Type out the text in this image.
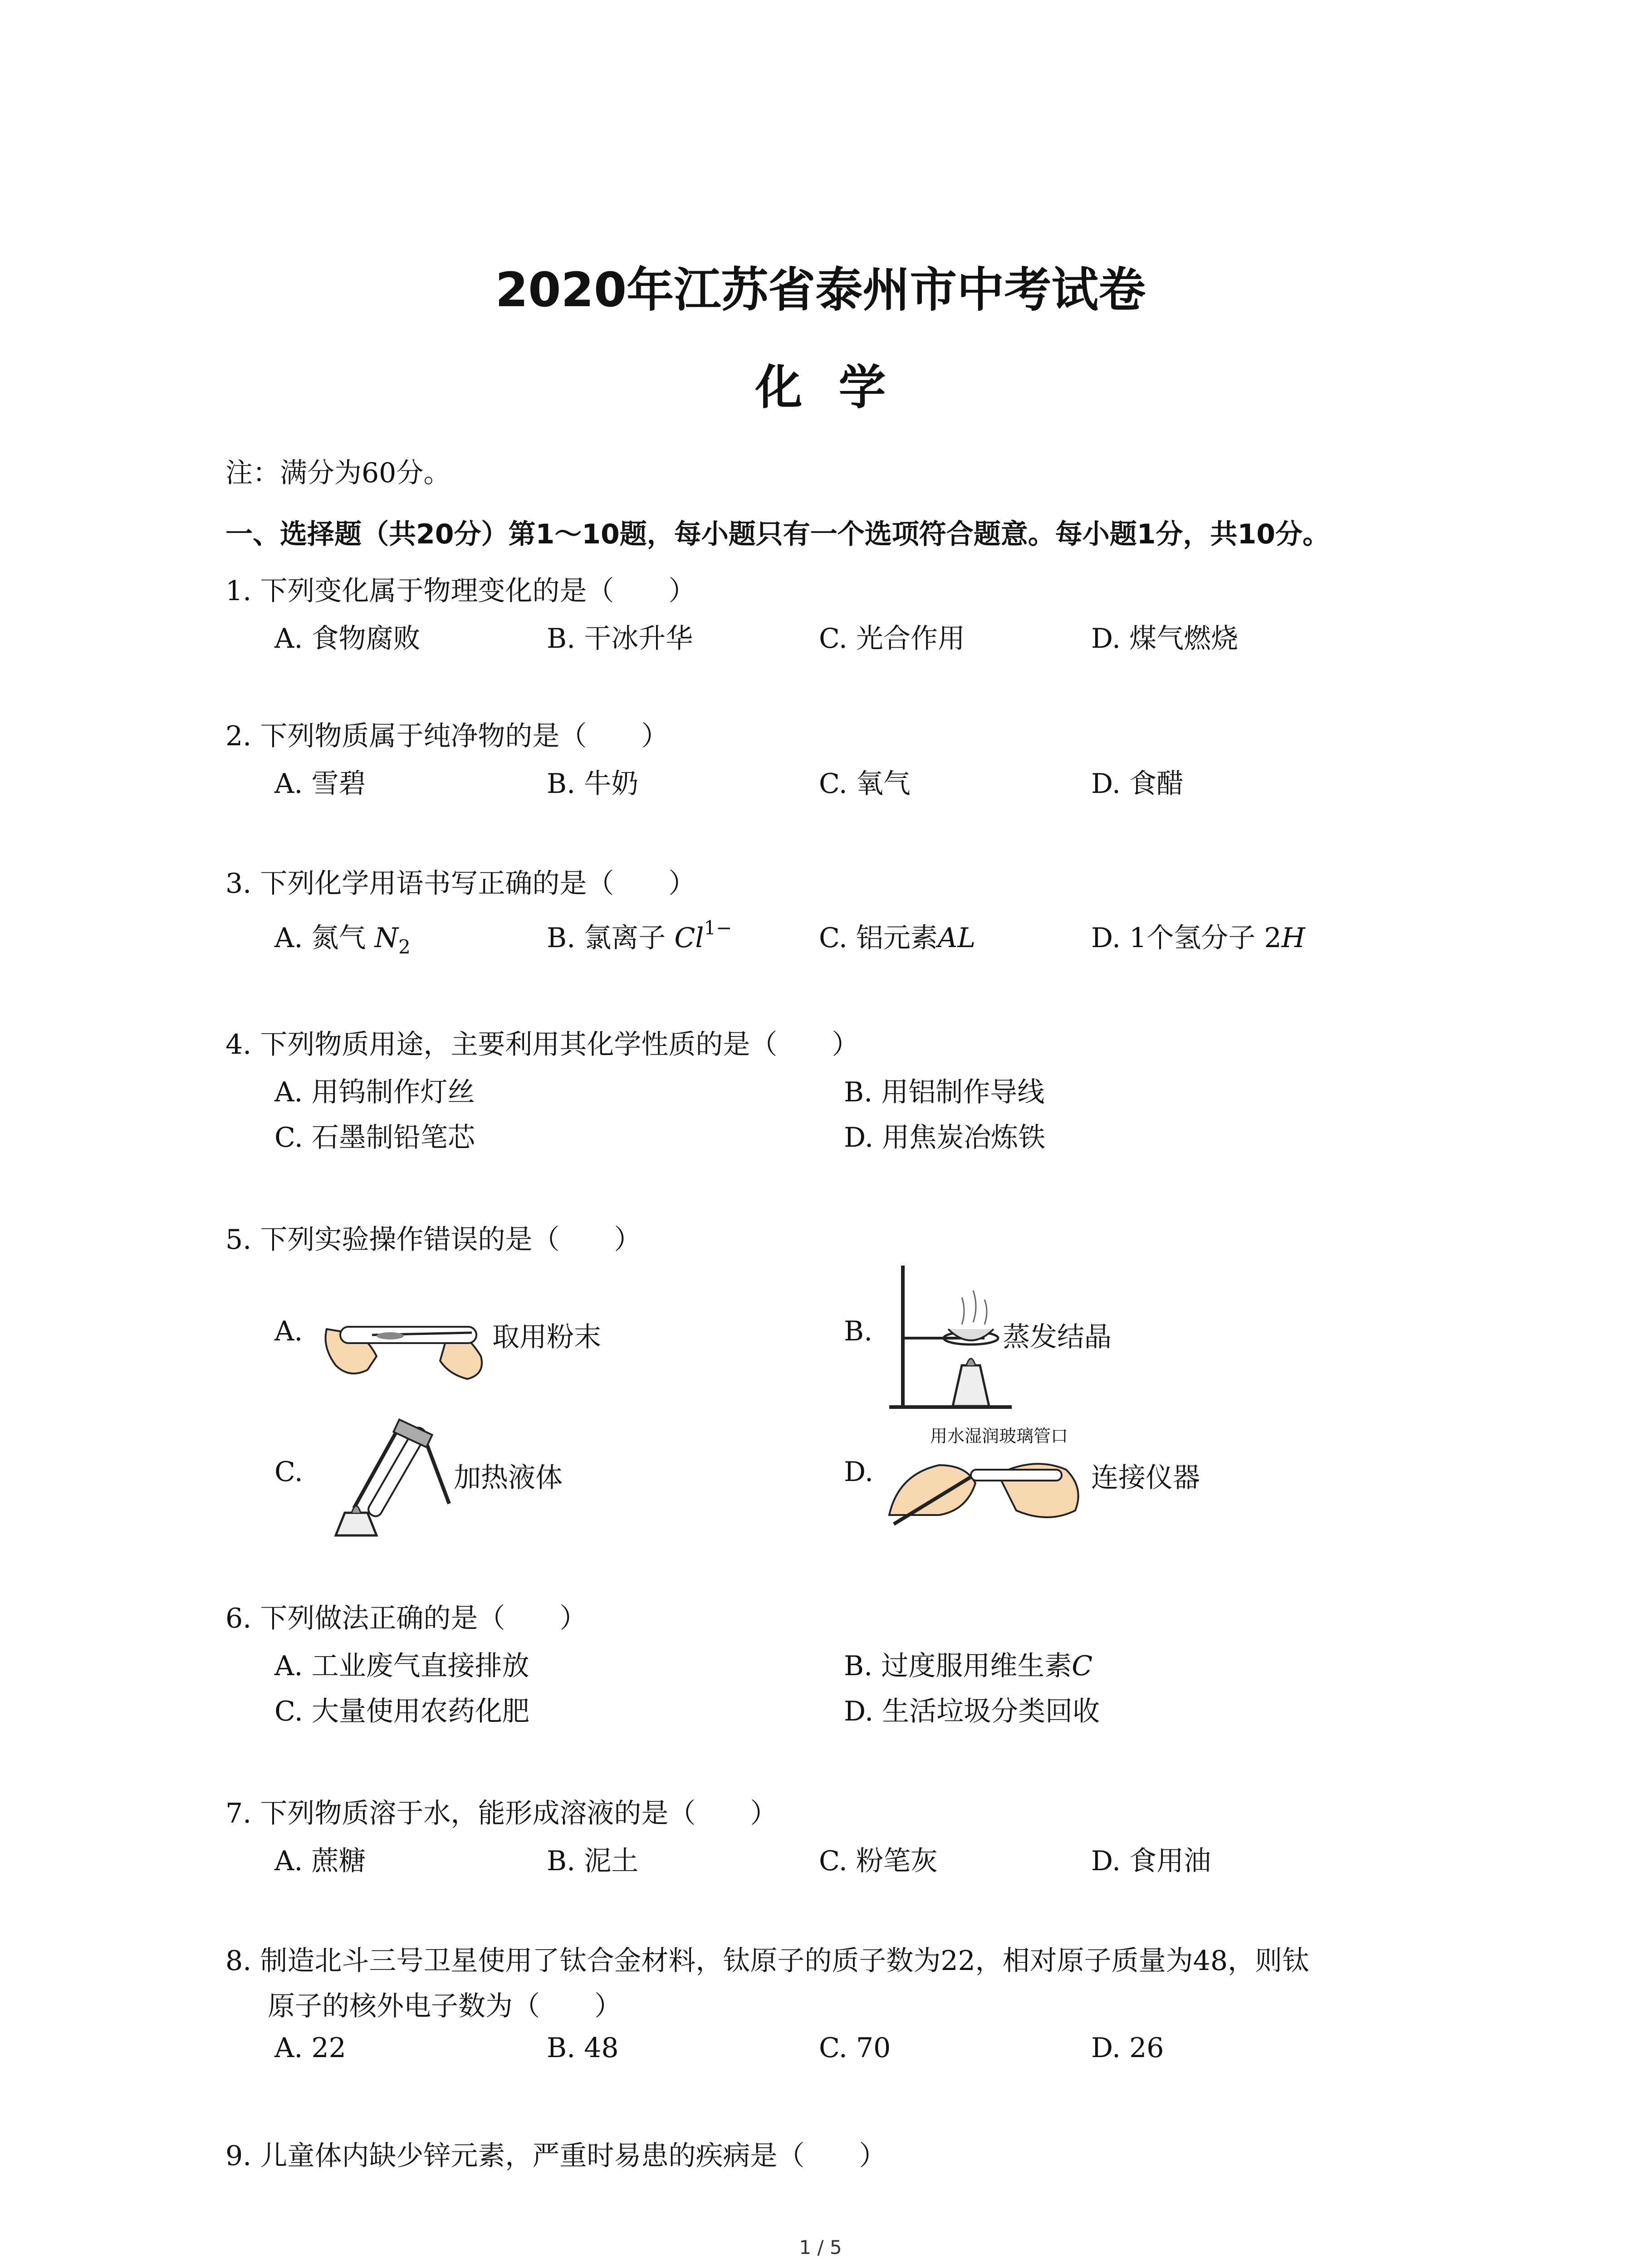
2020年江苏省泰州市中考试卷
化学
注：满分为60分。
一、选择题（共20分）第1～10题，每小题只有一个选项符合题意。每小题1分，共10分。
1. 下列变化属于物理变化的是（　　）
A. 食物腐败	B. 干冰升华	C. 光合作用	D. 煤气燃烧
2. 下列物质属于纯净物的是（　　）
A. 雪碧	B. 牛奶	C. 氧气	D. 食醋
3. 下列化学用语书写正确的是（　　）
A. 氮气 $N_2$	B. 氯离子 $Cl^{1-}$	C. 铝元素AL	D. 1个氢分子 2H
4. 下列物质用途，主要利用其化学性质的是（　　）
A. 用钨制作灯丝	B. 用铝制作导线
C. 石墨制铅笔芯	D. 用焦炭冶炼铁
5. 下列实验操作错误的是（　　）
A.	取用粉末	B.	蒸发结晶
C.	加热液体	D.
用水湿润玻璃管口
连接仪器
6. 下列做法正确的是（　　）
A. 工业废气直接排放	B. 过度服用维生素C
C. 大量使用农药化肥	D. 生活垃圾分类回收
7. 下列物质溶于水，能形成溶液的是（　　）
A. 蔗糖	B. 泥土	C. 粉笔灰	D. 食用油
8. 制造北斗三号卫星使用了钛合金材料，钛原子的质子数为22，相对原子质量为48，则钛
原子的核外电子数为（　　）
A. 22	B. 48	C. 70	D. 26
9. 儿童体内缺少锌元素，严重时易患的疾病是（　　）
1 / 5
